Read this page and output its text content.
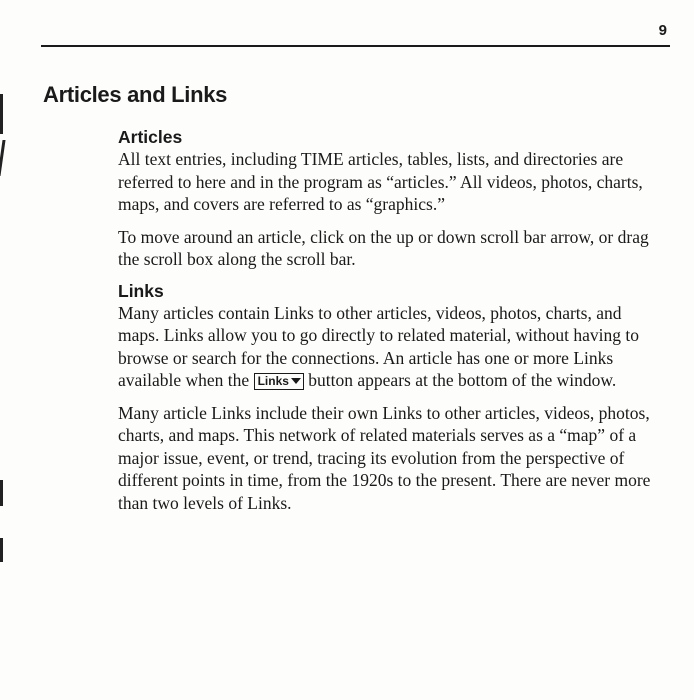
9
Articles and Links
Articles

All text entries, including TIME articles, tables, lists, and directories are referred to here and in the program as “articles.” All videos, photos, charts, maps, and covers are referred to as “graphics.”

To move around an article, click on the up or down scroll bar arrow, or drag the scroll box along the scroll bar.

Links

Many articles contain Links to other articles, videos, photos, charts, and maps. Links allow you to go directly to related material, without having to browse or search for the connections. An article has one or more Links available when the Links button appears at the bottom of the window.

Many article Links include their own Links to other articles, videos, photos, charts, and maps. This network of related materials serves as a “map” of a major issue, event, or trend, tracing its evolution from the perspective of different points in time, from the 1920s to the present. There are never more than two levels of Links.
